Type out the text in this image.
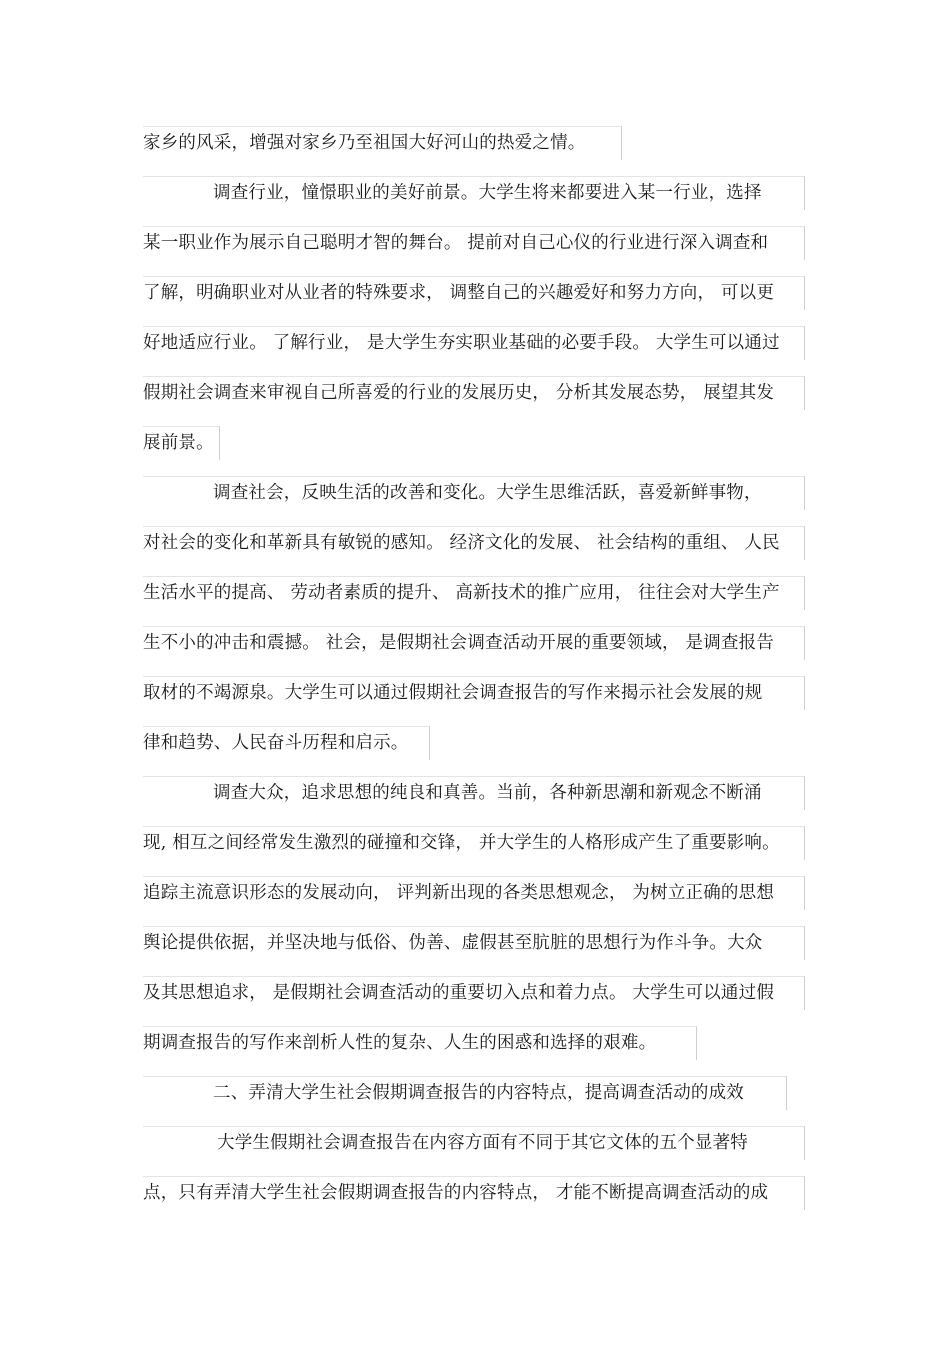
家乡的风采，增强对家乡乃至祖国大好河山的热爱之情。
调查行业，憧憬职业的美好前景。大学生将来都要进入某一行业，选择
某一职业作为展示自己聪明才智的舞台。 提前对自己心仪的行业进行深入调查和
了解，明确职业对从业者的特殊要求， 调整自己的兴趣爱好和努力方向， 可以更
好地适应行业。 了解行业， 是大学生夯实职业基础的必要手段。 大学生可以通过
假期社会调查来审视自己所喜爱的行业的发展历史， 分析其发展态势， 展望其发
展前景。
调查社会，反映生活的改善和变化。大学生思维活跃，喜爱新鲜事物，
对社会的变化和革新具有敏锐的感知。 经济文化的发展、 社会结构的重组、 人民
生活水平的提高、 劳动者素质的提升、 高新技术的推广应用， 往往会对大学生产
生不小的冲击和震撼。 社会，是假期社会调查活动开展的重要领域， 是调查报告
取材的不竭源泉。大学生可以通过假期社会调查报告的写作来揭示社会发展的规
律和趋势、人民奋斗历程和启示。
调查大众，追求思想的纯良和真善。当前，各种新思潮和新观念不断涌
现, 相互之间经常发生激烈的碰撞和交锋， 并大学生的人格形成产生了重要影响。
追踪主流意识形态的发展动向， 评判新出现的各类思想观念， 为树立正确的思想
舆论提供依据，并坚决地与低俗、伪善、虚假甚至肮脏的思想行为作斗争。大众
及其思想追求， 是假期社会调查活动的重要切入点和着力点。 大学生可以通过假
期调查报告的写作来剖析人性的复杂、人生的困惑和选择的艰难。
二、弄清大学生社会假期调查报告的内容特点，提高调查活动的成效
大学生假期社会调查报告在内容方面有不同于其它文体的五个显著特
点，只有弄清大学生社会假期调查报告的内容特点， 才能不断提高调查活动的成
